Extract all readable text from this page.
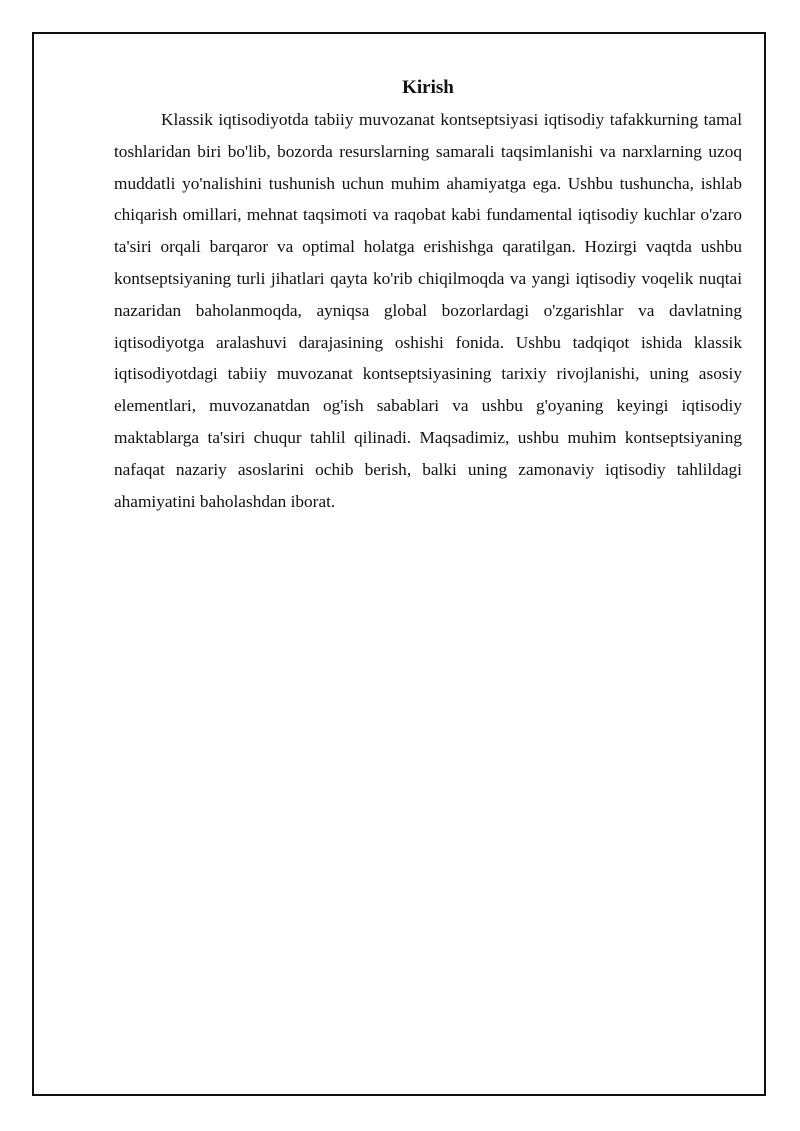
Kirish

Klassik iqtisodiyotda tabiiy muvozanat kontseptsiyasi iqtisodiy tafakkurning tamal toshlaridan biri bo'lib, bozorda resurslarning samarali taqsimlanishi va narxlarning uzoq muddatli yo'nalishini tushunish uchun muhim ahamiyatga ega. Ushbu tushuncha, ishlab chiqarish omillari, mehnat taqsimoti va raqobat kabi fundamental iqtisodiy kuchlar o'zaro ta'siri orqali barqaror va optimal holatga erishishga qaratilgan. Hozirgi vaqtda ushbu kontseptsiyaning turli jihatlari qayta ko'rib chiqilmoqda va yangi iqtisodiy voqelik nuqtai nazaridan baholanmoqda, ayniqsa global bozorlardagi o'zgarishlar va davlatning iqtisodiyotga aralashuvi darajasining oshishi fonida. Ushbu tadqiqot ishida klassik iqtisodiyotdagi tabiiy muvozanat kontseptsiyasining tarixiy rivojlanishi, uning asosiy elementlari, muvozanatdan og'ish sabablari va ushbu g'oyaning keyingi iqtisodiy maktablarga ta'siri chuqur tahlil qilinadi. Maqsadimiz, ushbu muhim kontseptsiyaning nafaqat nazariy asoslarini ochib berish, balki uning zamonaviy iqtisodiy tahlildagi ahamiyatini baholashdan iborat.
